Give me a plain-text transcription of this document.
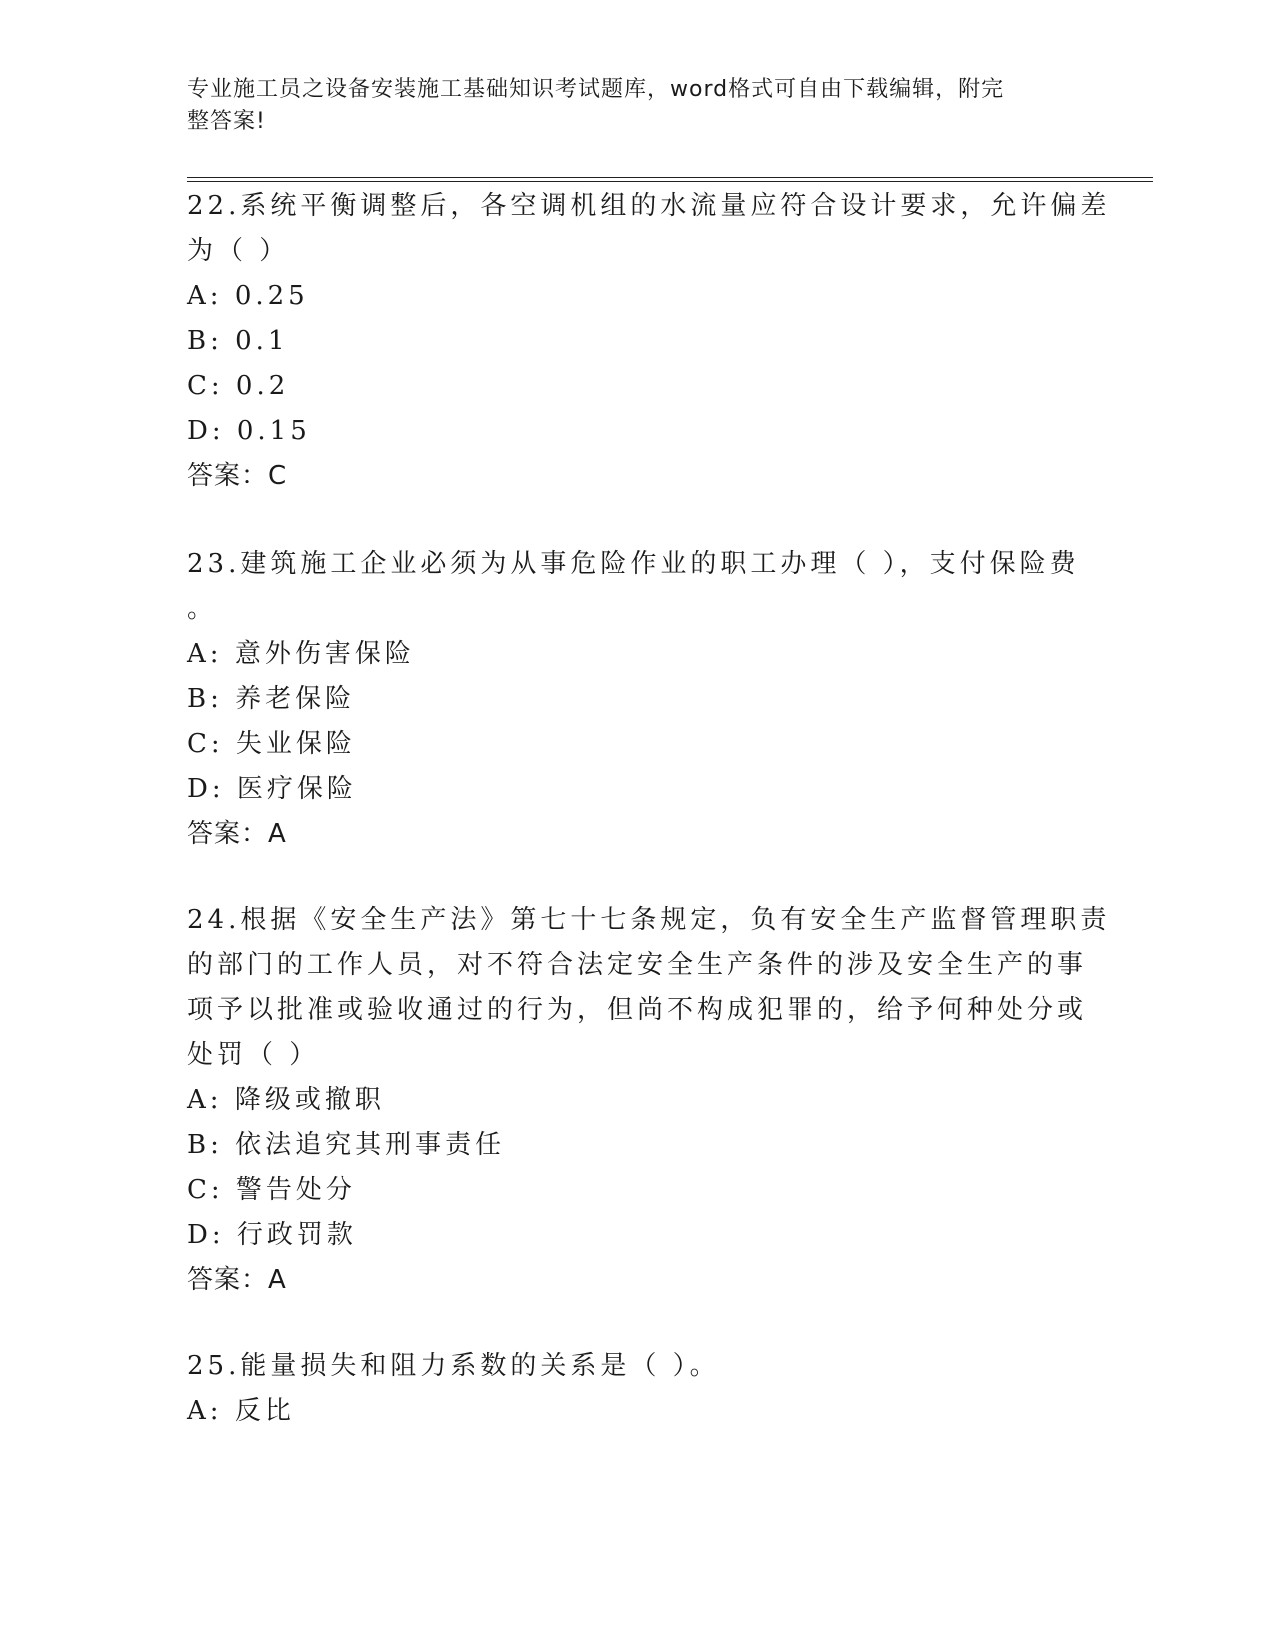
专业施工员之设备安装施工基础知识考试题库，word格式可自由下载编辑，附完
整答案!
22.系统平衡调整后，各空调机组的水流量应符合设计要求，允许偏差
为（ ）
A: 0.25
B: 0.1
C: 0.2
D: 0.15
答案：C
23.建筑施工企业必须为从事危险作业的职工办理（ ），支付保险费
。
A: 意外伤害保险
B: 养老保险
C: 失业保险
D: 医疗保险
答案：A
24.根据《安全生产法》第七十七条规定，负有安全生产监督管理职责
的部门的工作人员，对不符合法定安全生产条件的涉及安全生产的事
项予以批准或验收通过的行为，但尚不构成犯罪的，给予何种处分或
处罚（ ）
A: 降级或撤职
B: 依法追究其刑事责任
C: 警告处分
D: 行政罚款
答案：A
25.能量损失和阻力系数的关系是（ ）。
A: 反比
